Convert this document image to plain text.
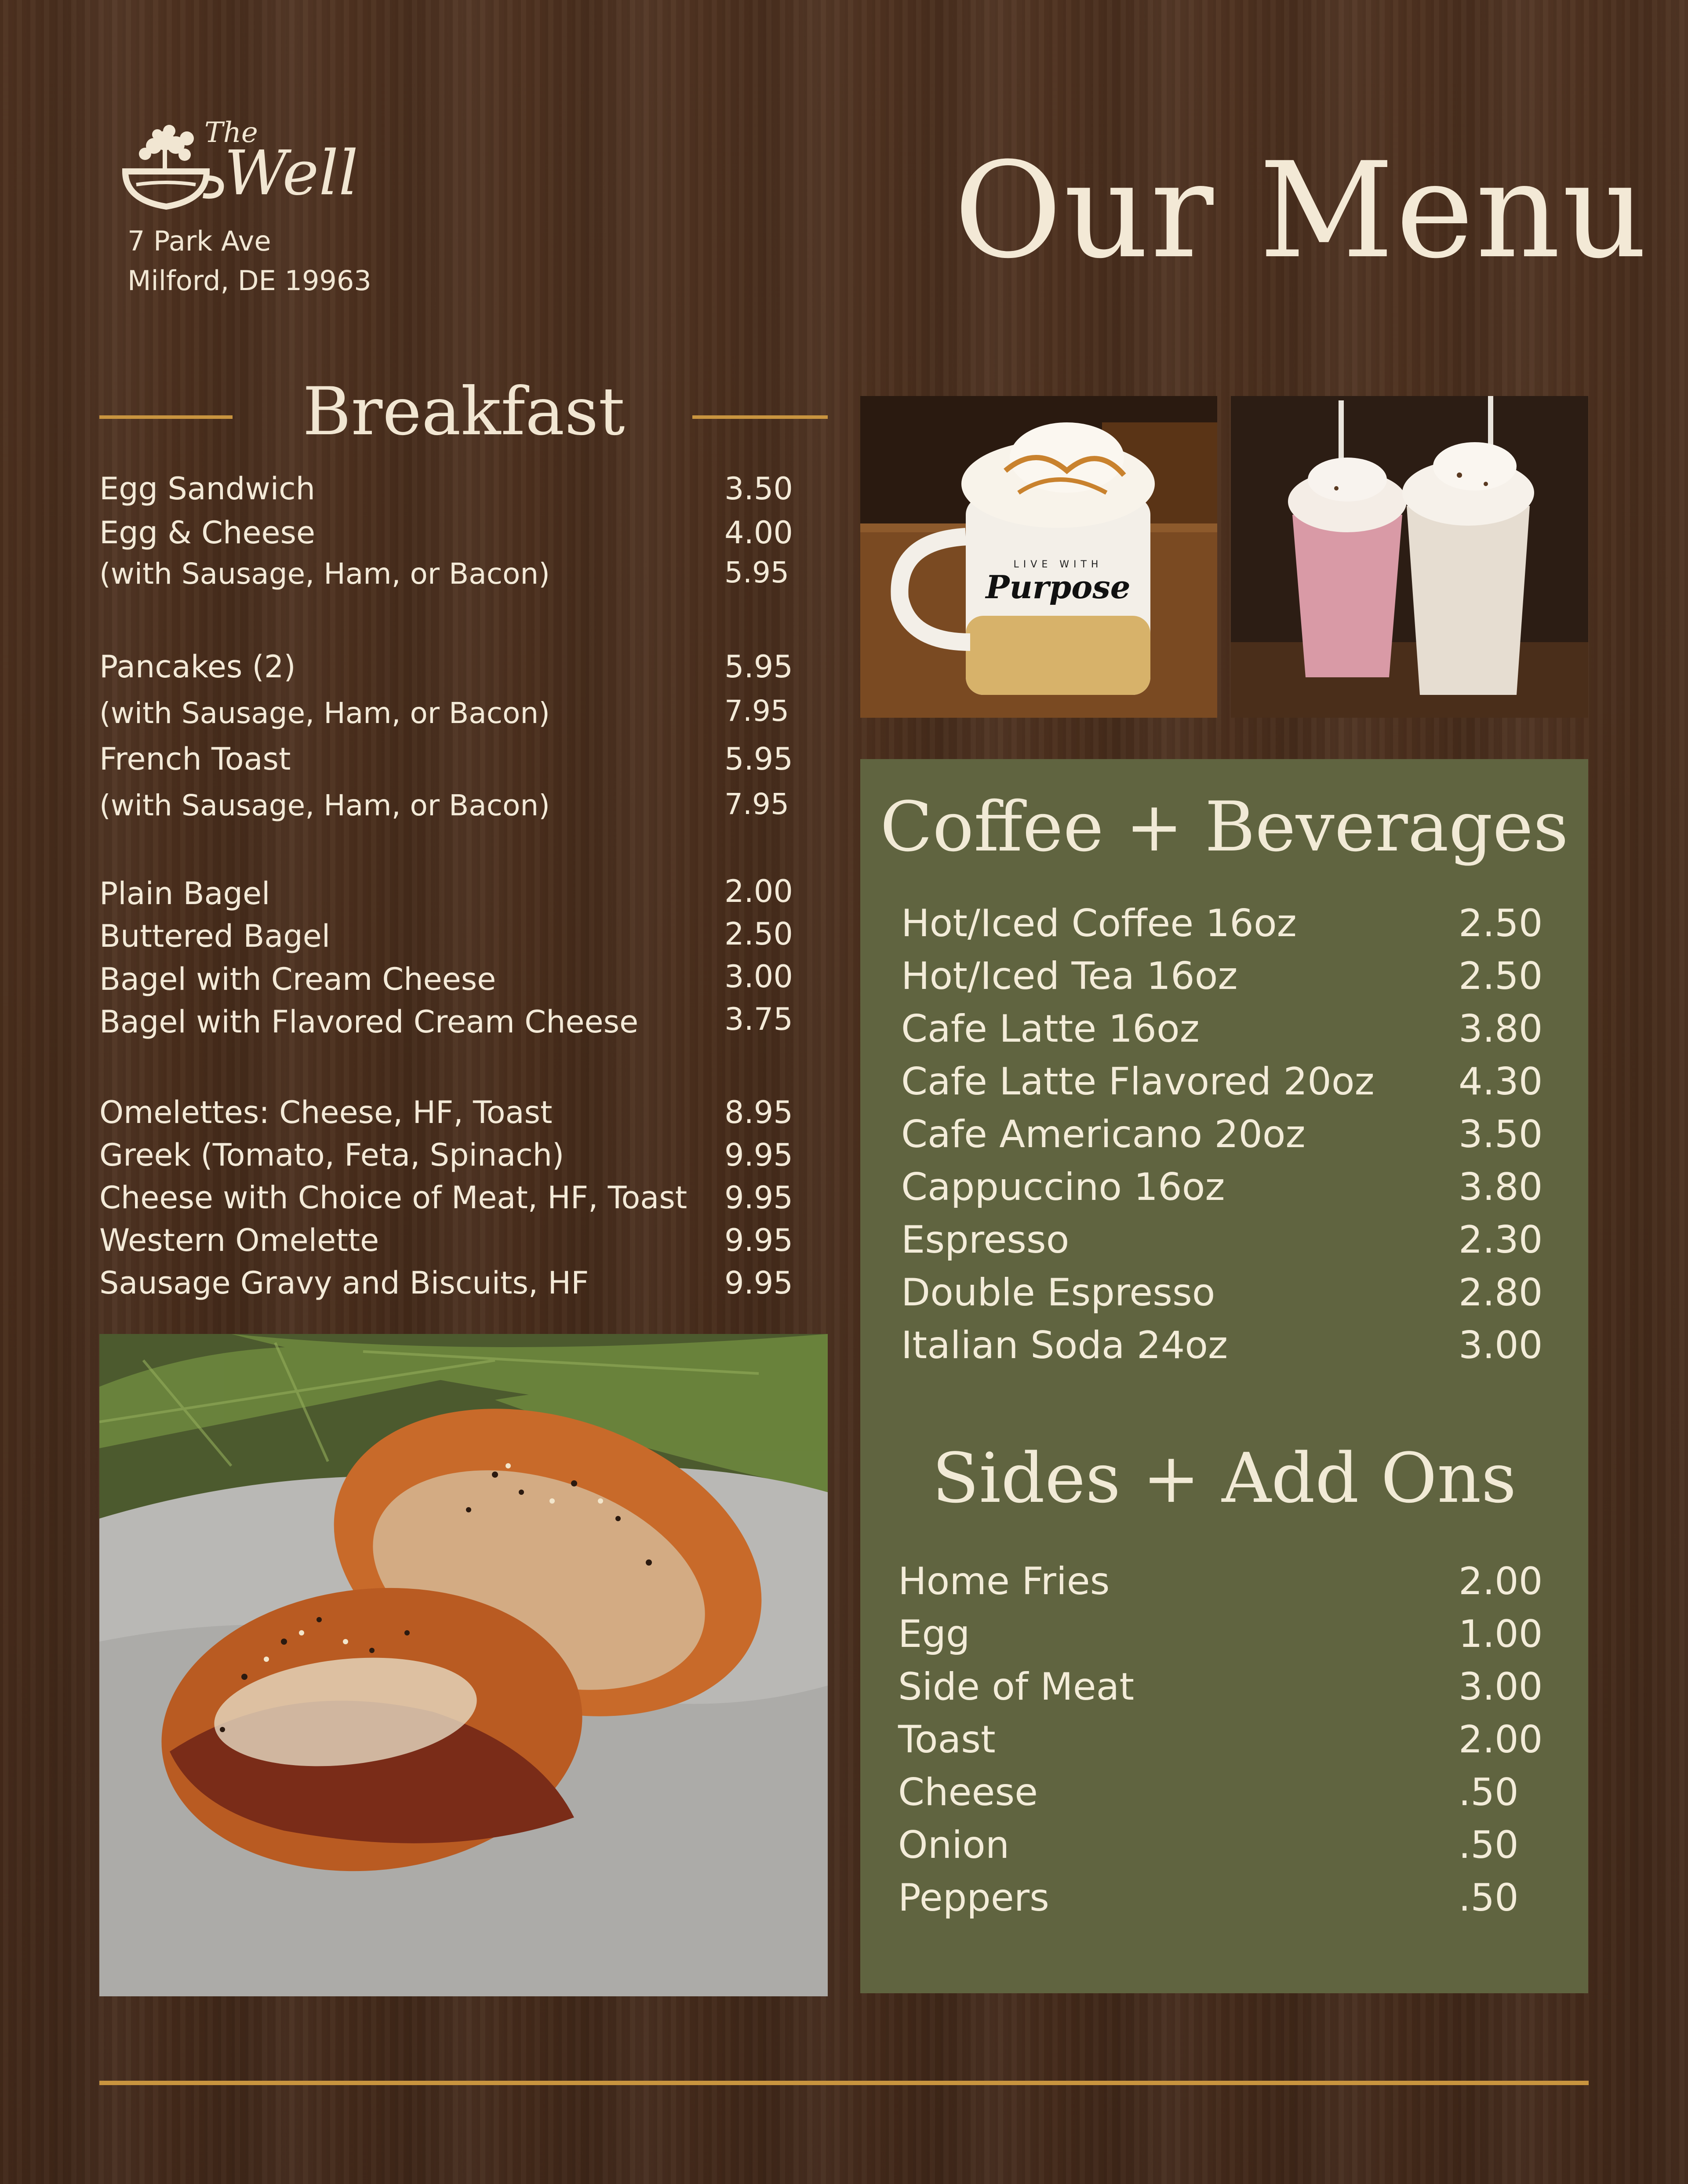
The
Well
7 Park Ave
Milford, DE 19963	Our Menu
Breakfast
Egg Sandwich	3.50
Egg & Cheese	4.00
(with Sausage, Ham, or Bacon)	5.95
Pancakes (2)	5.95
(with Sausage, Ham, or Bacon)	7.95
French Toast	5.95
(with Sausage, Ham, or Bacon)	7.95
Plain Bagel	2.00
Buttered Bagel	2.50
Bagel with Cream Cheese	3.00
Bagel with Flavored Cream Cheese	3.75
Omelettes: Cheese, HF, Toast	8.95
Greek (Tomato, Feta, Spinach)	9.95
Cheese with Choice of Meat, HF, Toast 9.95
Western Omelette	9.95
Sausage Gravy and Biscuits, HF	9.95
LIVE WITH
Purpose
Coffee + Beverages
Hot/Iced Coffee 16oz	2.50
Hot/Iced Tea 16oz	2.50
Cafe Latte 16oz	3.80
Cafe Latte Flavored 20oz 4.30
Cafe Americano 20oz	3.50
Cappuccino 16oz	3.80
Espresso	2.30
Double Espresso	2.80
Italian Soda 24oz	3.00
Sides + Add Ons
Home Fries	2.00
Egg	1.00
Side of Meat	3.00
Toast	2.00
Cheese	.50
Onion	.50
Peppers	.50
